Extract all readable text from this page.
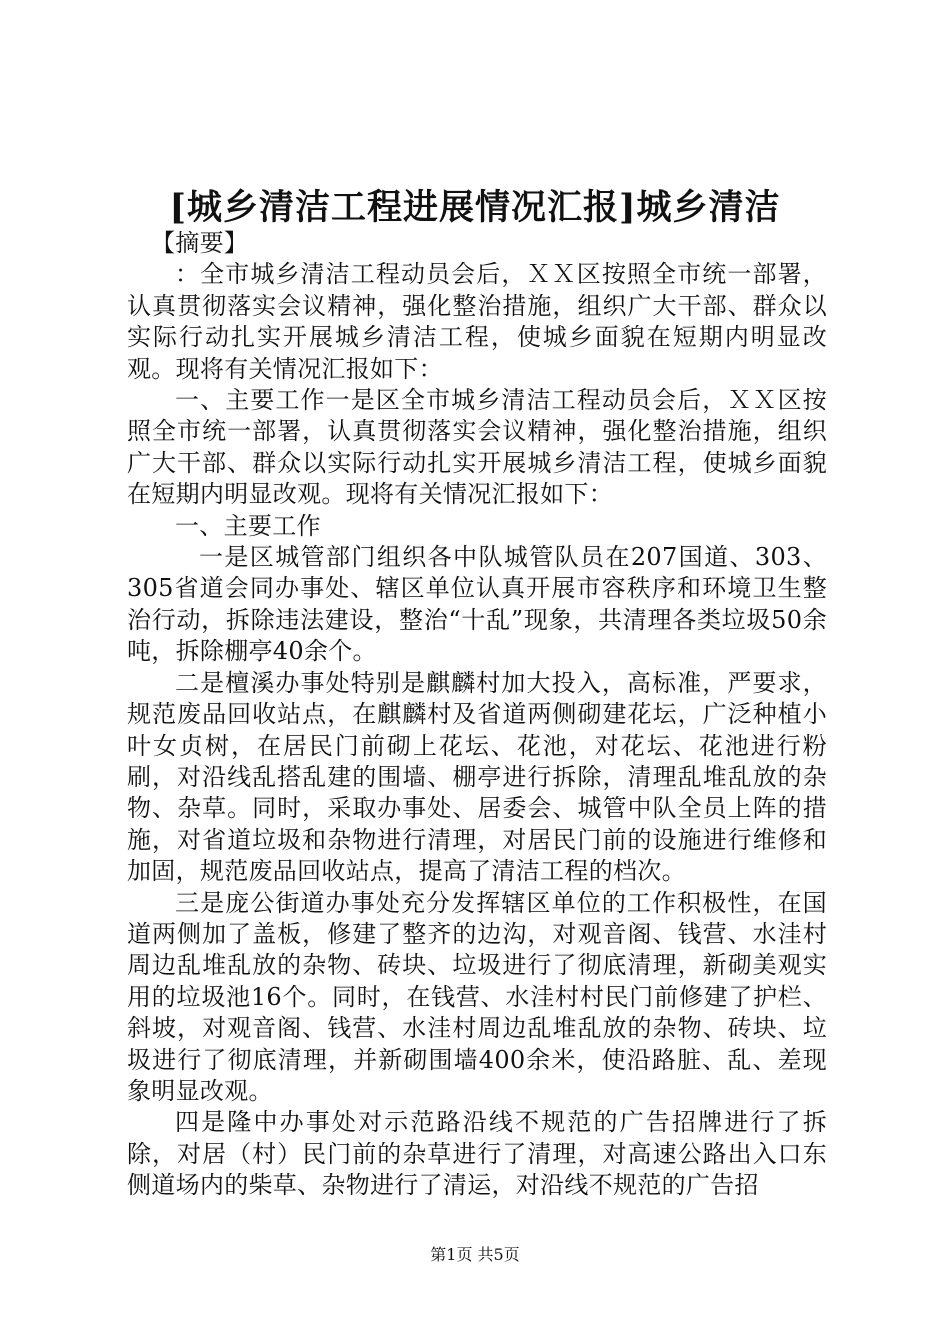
[城乡清洁工程进展情况汇报]城乡清洁

【摘要】

：全市城乡清洁工程动员会后，ＸＸ区按照全市统一部署，认真贯彻落实会议精神，强化整治措施，组织广大干部、群众以实际行动扎实开展城乡清洁工程，使城乡面貌在短期内明显改观。现将有关情况汇报如下：

一、主要工作一是区全市城乡清洁工程动员会后，ＸＸ区按照全市统一部署，认真贯彻落实会议精神，强化整治措施，组织广大干部、群众以实际行动扎实开展城乡清洁工程，使城乡面貌在短期内明显改观。现将有关情况汇报如下：

一、主要工作

一是区城管部门组织各中队城管队员在207国道、303、305省道会同办事处、辖区单位认真开展市容秩序和环境卫生整治行动，拆除违法建设，整治“十乱”现象，共清理各类垃圾50余吨，拆除棚亭40余个。

二是檀溪办事处特别是麒麟村加大投入，高标准，严要求，规范废品回收站点，在麒麟村及省道两侧砌建花坛，广泛种植小叶女贞树，在居民门前砌上花坛、花池，对花坛、花池进行粉刷，对沿线乱搭乱建的围墙、棚亭进行拆除，清理乱堆乱放的杂物、杂草。同时，采取办事处、居委会、城管中队全员上阵的措施，对省道垃圾和杂物进行清理，对居民门前的设施进行维修和加固，规范废品回收站点，提高了清洁工程的档次。

三是庞公街道办事处充分发挥辖区单位的工作积极性，在国道两侧加了盖板，修建了整齐的边沟，对观音阁、钱营、水洼村周边乱堆乱放的杂物、砖块、垃圾进行了彻底清理，新砌美观实用的垃圾池16个。同时，在钱营、水洼村村民门前修建了护栏、斜坡，对观音阁、钱营、水洼村周边乱堆乱放的杂物、砖块、垃圾进行了彻底清理，并新砌围墙400余米，使沿路脏、乱、差现象明显改观。

四是隆中办事处对示范路沿线不规范的广告招牌进行了拆除，对居（村）民门前的杂草进行了清理，对高速公路出入口东侧道场内的柴草、杂物进行了清运，对沿线不规范的广告招

第1页 共5页
